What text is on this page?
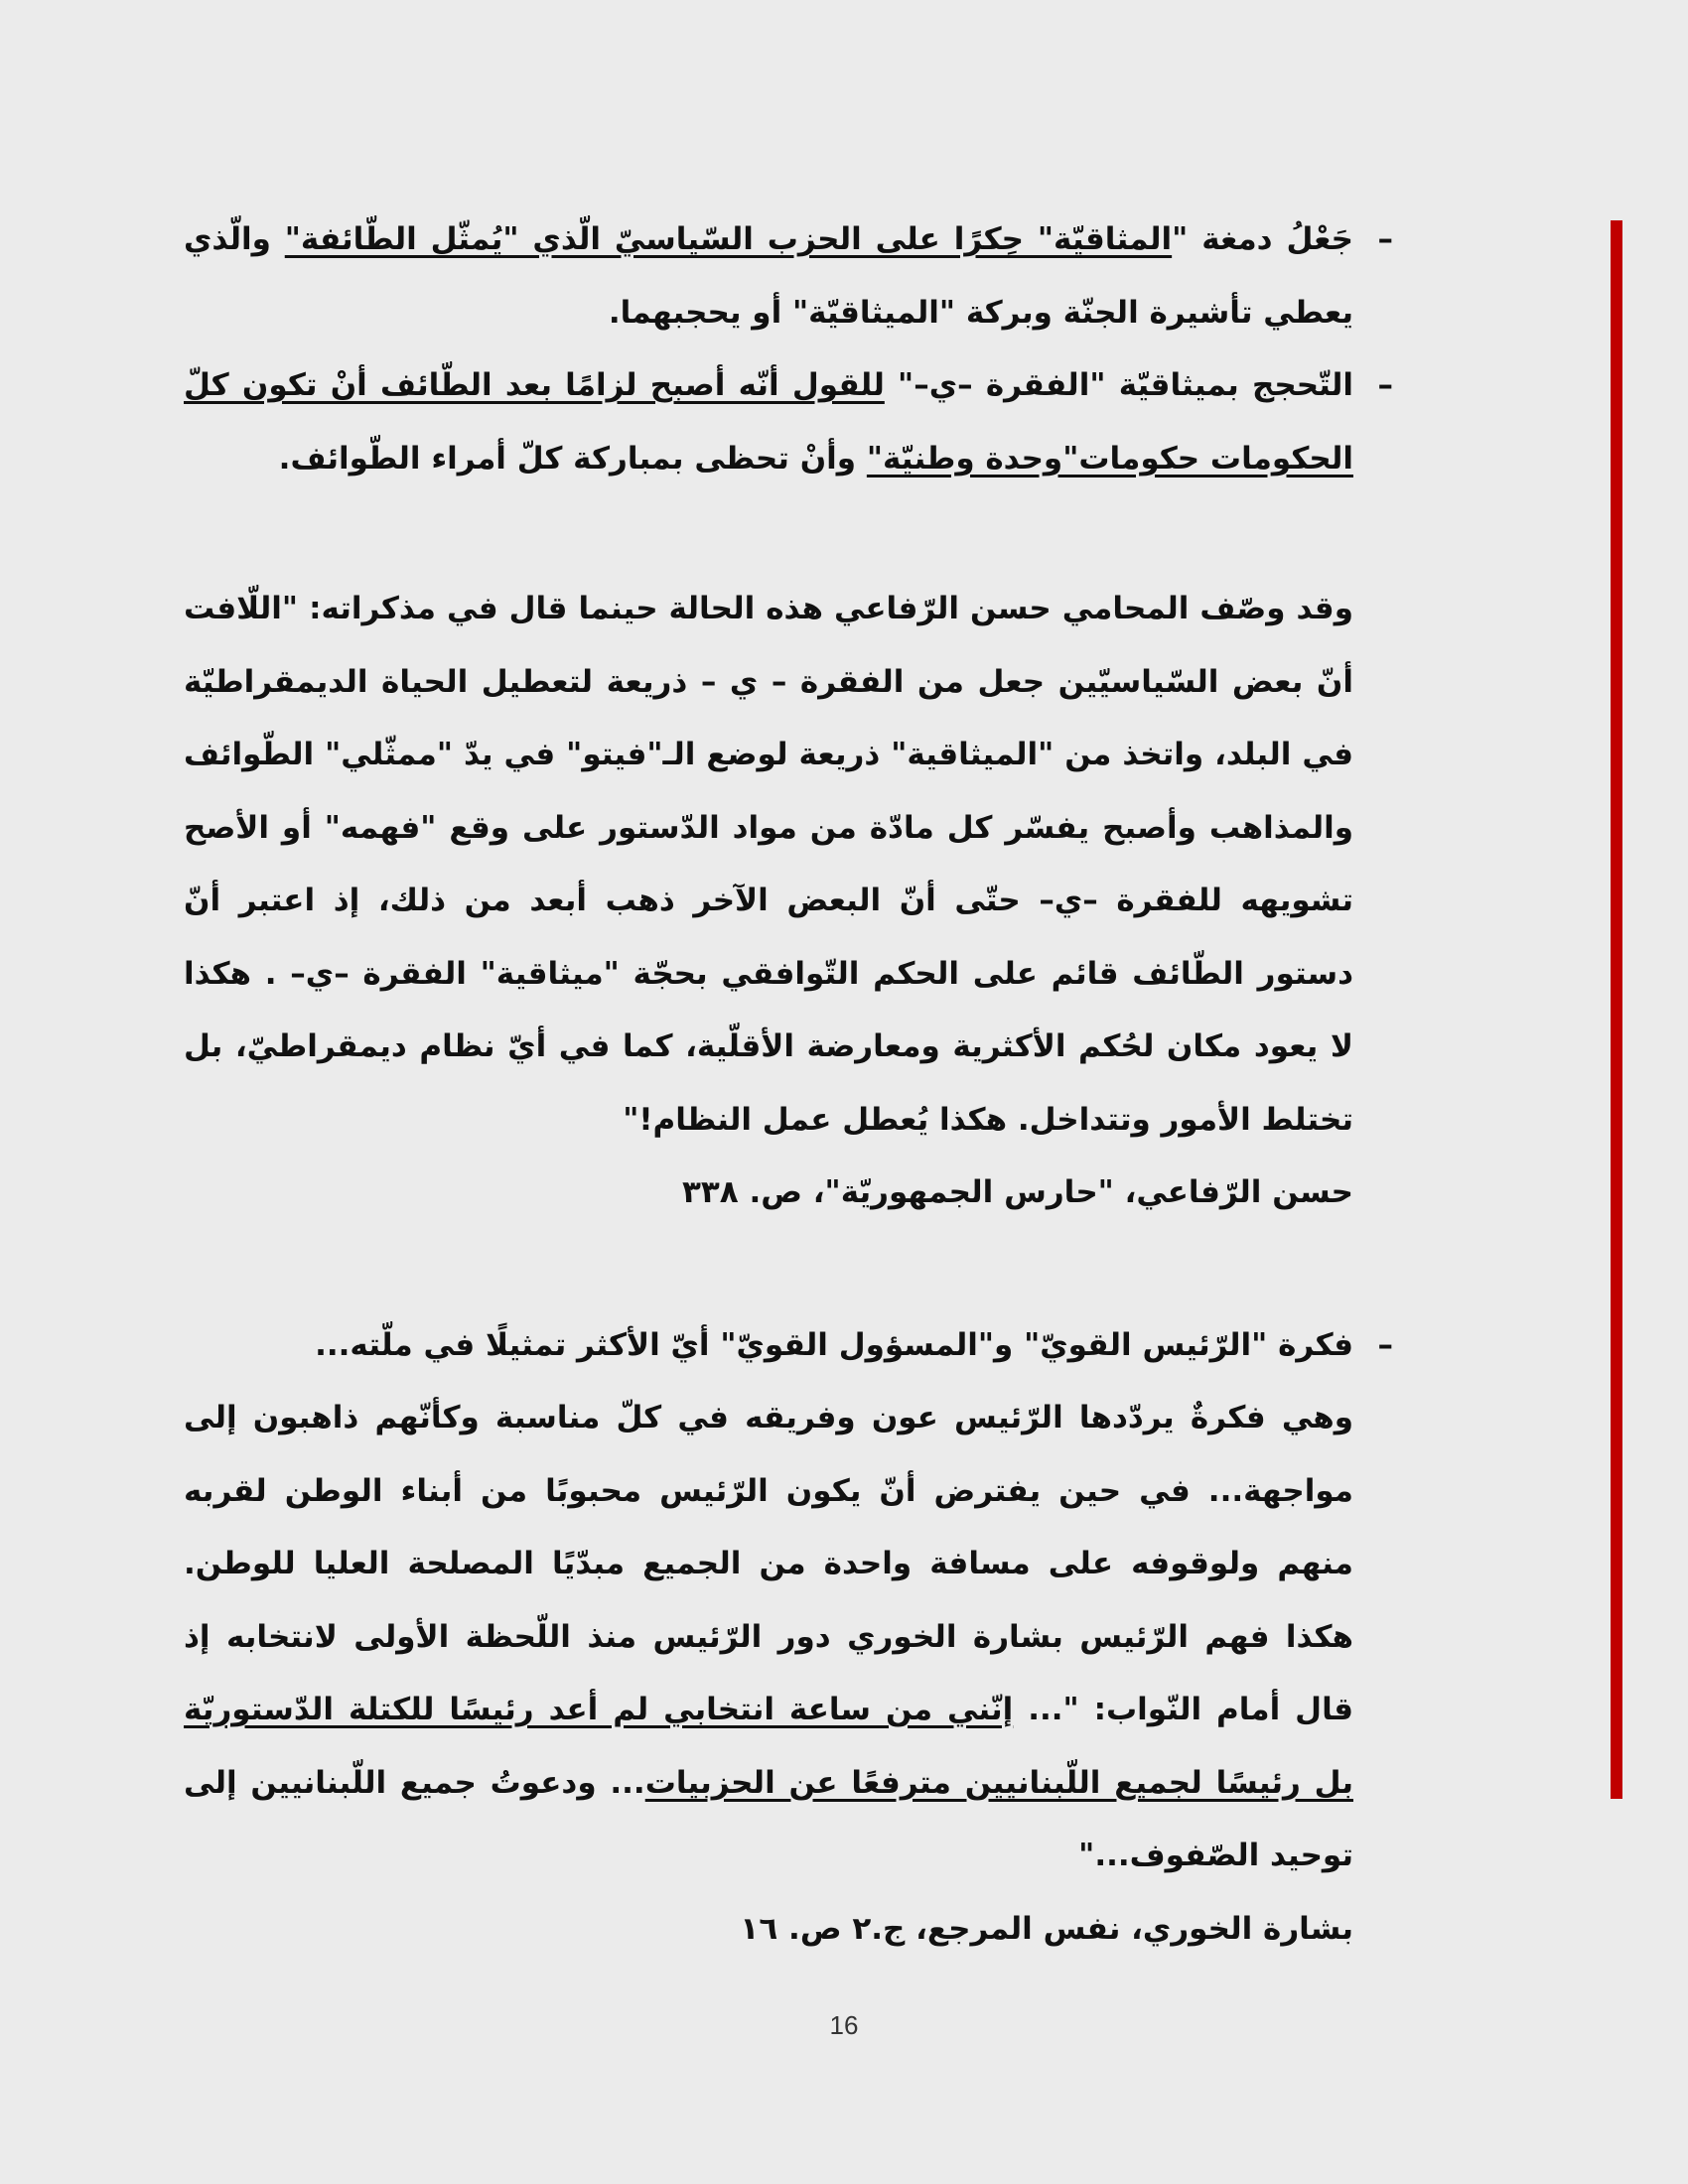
–
جَعْلُ دمغة "المثاقيّة" حِكرًا على الحزب السّياسيّ الّذي "يُمثّل الطّائفة" والّذي يعطي تأشيرة الجنّة وبركة "الميثاقيّة" أو يحجبهما.

–
التّحجج بميثاقيّة "الفقرة –ي–" للقول أنّه أصبح لزامًا بعد الطّائف أنْ تكون كلّ الحكومات حكومات"وحدة وطنيّة" وأنْ تحظى بمباركة كلّ أمراء الطّوائف.

وقد وصّف المحامي حسن الرّفاعي هذه الحالة حينما قال في مذكراته: "اللّافت أنّ بعض السّياسيّين جعل من الفقرة – ي – ذريعة لتعطيل الحياة الديمقراطيّة في البلد، واتخذ من "الميثاقية" ذريعة لوضع الـ"فيتو" في يدّ "ممثّلي" الطّوائف والمذاهب وأصبح يفسّر كل مادّة من مواد الدّستور على وقع "فهمه" أو الأصح تشويهه للفقرة –ي– حتّى أنّ البعض الآخر ذهب أبعد من ذلك، إذ اعتبر أنّ دستور الطّائف قائم على الحكم التّوافقي بحجّة "ميثاقية" الفقرة –ي– . هكذا لا يعود مكان لحُكم الأكثرية ومعارضة الأقلّية، كما في أيّ نظام ديمقراطيّ، بل تختلط الأمور وتتداخل. هكذا يُعطل عمل النظام!"

حسن الرّفاعي، "حارس الجمهوريّة"، ص. ٣٣٨

–
فكرة "الرّئيس القويّ" و"المسؤول القويّ" أيّ الأكثر تمثيلًا في ملّته...

وهي فكرةٌ يردّدها الرّئيس عون وفريقه في كلّ مناسبة وكأنّهم ذاهبون إلى مواجهة... في حين يفترض أنّ يكون الرّئيس محبوبًا من أبناء الوطن لقربه منهم ولوقوفه على مسافة واحدة من الجميع مبدّيًا المصلحة العليا للوطن. هكذا فهم الرّئيس بشارة الخوري دور الرّئيس منذ اللّحظة الأولى لانتخابه إذ قال أمام النّواب: "... إنّني من ساعة انتخابي لم أعد رئيسًا للكتلة الدّستوريّة بل رئيسًا لجميع اللّبنانيين مترفعًا عن الحزبيات... ودعوتُ جميع اللّبنانيين إلى توحيد الصّفوف..."

بشارة الخوري، نفس المرجع، ج.٢ ص. ١٦

16
